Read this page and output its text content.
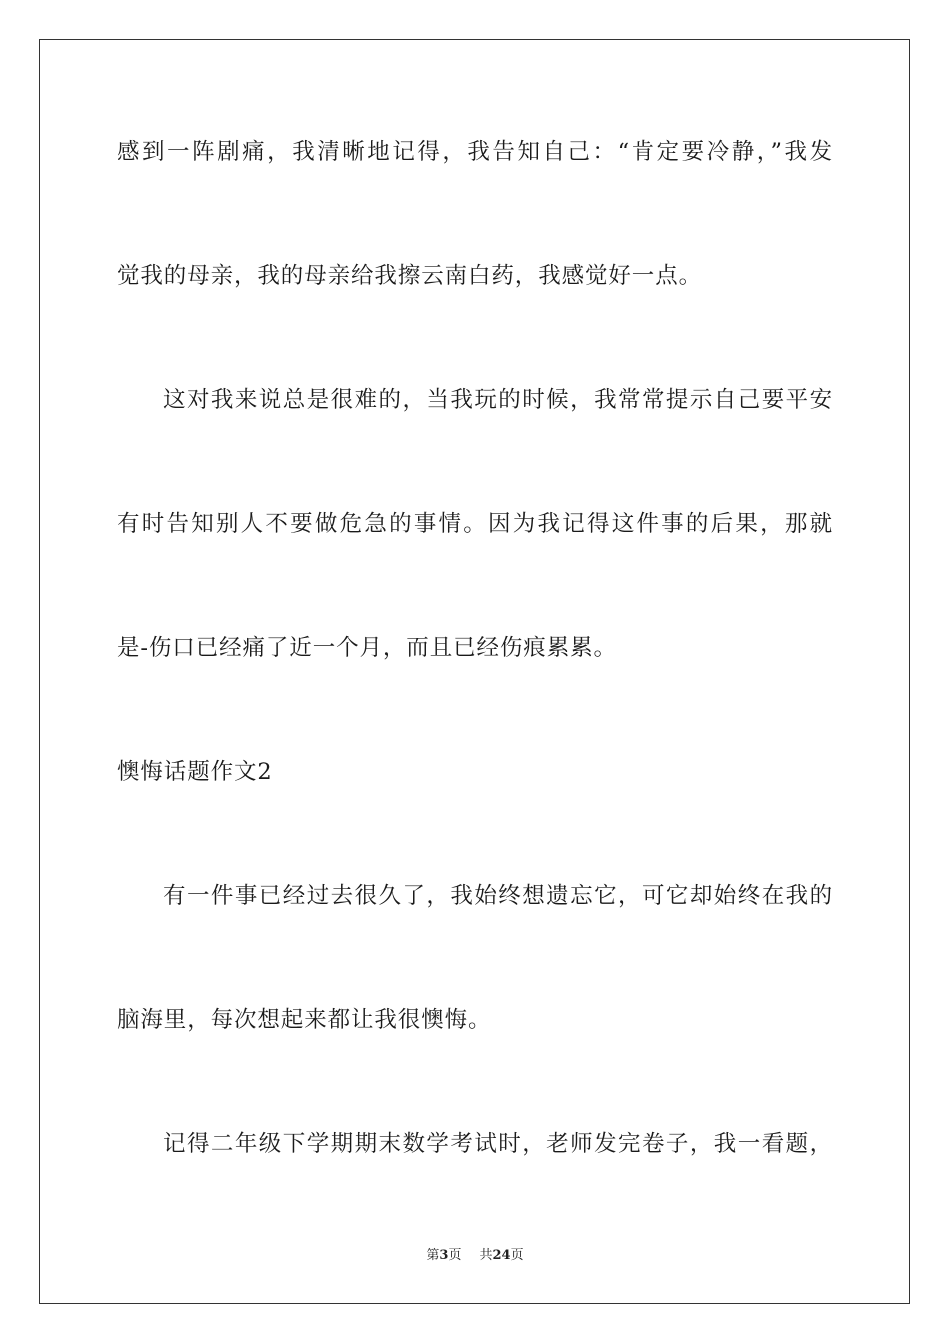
感到一阵剧痛，我清晰地记得，我告知自己：“肯定要冷静，”我发
觉我的母亲，我的母亲给我擦云南白药，我感觉好一点。
这对我来说总是很难的，当我玩的时候，我常常提示自己要平安
有时告知别人不要做危急的事情。因为我记得这件事的后果，那就
是-伤口已经痛了近一个月，而且已经伤痕累累。
懊悔话题作文2
有一件事已经过去很久了，我始终想遗忘它，可它却始终在我的
脑海里，每次想起来都让我很懊悔。
记得二年级下学期期末数学考试时，老师发完卷子，我一看题，
第3页 共24页
